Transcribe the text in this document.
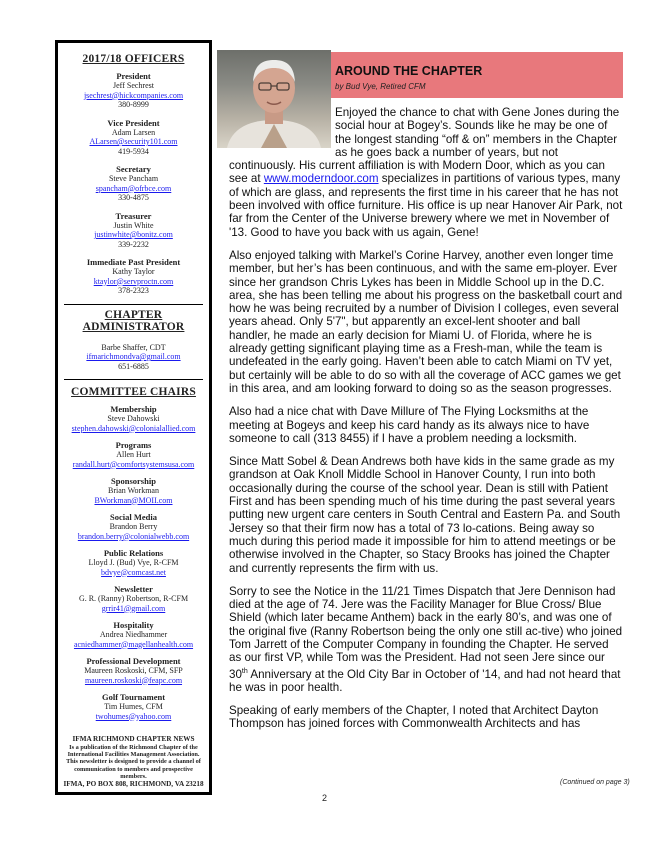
2017/18 OFFICERS
President
Jeff Sechrest
jsechrest@hickcompanies.com
380-8999
Vice President
Adam Larsen
ALarsen@security101.com
419-5934
Secretary
Steve Pancham
spancham@ofrbce.com
330-4875
Treasurer
Justin White
justinwhite@bonitz.com
339-2232
Immediate Past President
Kathy Taylor
ktaylor@servproctn.com
378-2323
CHAPTER ADMINISTRATOR
Barbe Shaffer, CDT
ifmarichmondva@gmail.com
651-6885
COMMITTEE CHAIRS
Membership
Steve Dahowski
stephen.dahowski@colonialallied.com
Programs
Allen Hurt
randall.hurt@comfortsystemsusa.com
Sponsorship
Brian Workman
BWorkman@MOII.com
Social Media
Brandon Berry
brandon.berry@colonialwebb.com
Public Relations
Lloyd J. (Bud) Vye, R-CFM
bdvye@comcast.net
Newsletter
G. R. (Ranny) Robertson, R-CFM
grrir41@gmail.com
Hospitality
Andrea Niedhammer
acniedhammer@magellanhealth.com
Professional Development
Maureen Roskoski, CFM, SFP
maureen.roskoski@feapc.com
Golf Tournament
Tim Humes, CFM
twohumes@yahoo.com
IFMA RICHMOND CHAPTER NEWS
Is a publication of the Richmond Chapter of the International Facilities Management Association.
This newsletter is designed to provide a channel of communication to members and prospective members.
IFMA, PO BOX 808, RICHMOND, VA 23218
AROUND THE CHAPTER
by Bud Vye, Retired CFM

Enjoyed the chance to chat with Gene Jones during the social hour at Bogey’s. Sounds like he may be one of the longest standing “off & on” members in the Chapter as he goes back a number of years, but not continuously. His current affiliation is with Modern Door, which as you can see at www.moderndoor.com specializes in partitions of various types, many of which are glass, and represents the first time in his career that he has not been involved with office furniture. His office is up near Hanover Air Park, not far from the Center of the Universe brewery where we met in November of '13. Good to have you back with us again, Gene!

Also enjoyed talking with Markel’s Corine Harvey, another even longer time member, but her’s has been continuous, and with the same em-ployer. Ever since her grandson Chris Lykes has been in Middle School up in the D.C. area, she has been telling me about his progress on the basketball court and how he was being recruited by a number of Division I colleges, even several years ahead. Only 5'7", but apparently an excel-lent shooter and ball handler, he made an early decision for Miami U. of Florida, where he is already getting significant playing time as a Fresh-man, while the team is undefeated in the early going. Haven’t been able to catch Miami on TV yet, but certainly will be able to do so with all the coverage of ACC games we get in this area, and am looking forward to doing so as the season progresses.

Also had a nice chat with Dave Millure of The Flying Locksmiths at the meeting at Bogeys and keep his card handy as its always nice to have someone to call (313 8455) if I have a problem needing a locksmith.

Since Matt Sobel & Dean Andrews both have kids in the same grade as my grandson at Oak Knoll Middle School in Hanover County, I run into both occasionally during the course of the school year. Dean is still with Patient First and has been spending much of his time during the past several years putting new urgent care centers in South Central and Eastern Pa. and South Jersey so that their firm now has a total of 73 lo-cations. Being away so much during this period made it impossible for him to attend meetings or be otherwise involved in the Chapter, so Stacy Brooks has joined the Chapter and currently represents the firm with us.

Sorry to see the Notice in the 11/21 Times Dispatch that Jere Dennison had died at the age of 74. Jere was the Facility Manager for Blue Cross/ Blue Shield (which later became Anthem) back in the early 80’s, and was one of the original five (Ranny Robertson being the only one still ac-tive) who joined Tom Jarrett of the Computer Company in founding the Chapter. He served as our first VP, while Tom was the President. Had not seen Jere since our 30th Anniversary at the Old City Bar in October of '14, and had not heard that he was in poor health.

Speaking of early members of the Chapter, I noted that Architect Dayton Thompson has joined forces with Commonwealth Architects and has

(Continued on page 3)
2
